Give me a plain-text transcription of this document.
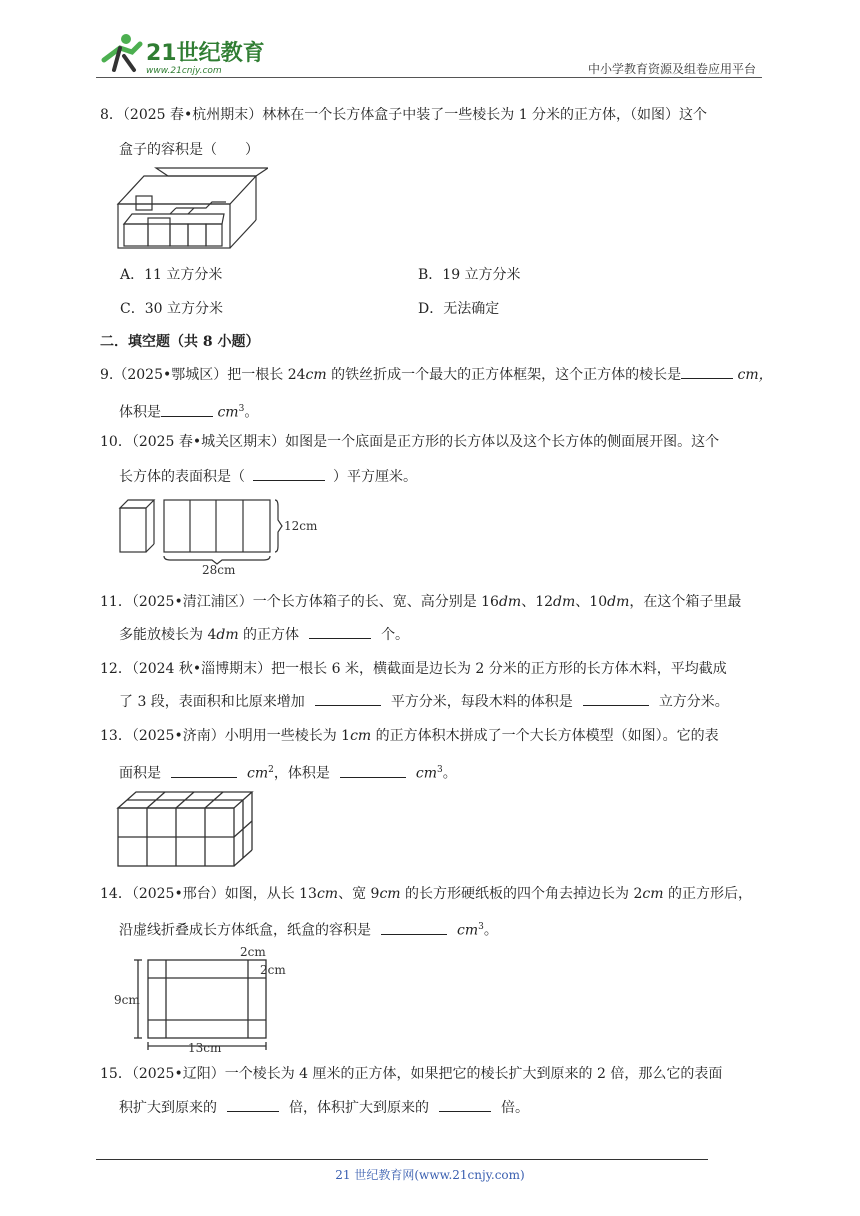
21世纪教育
www.21cnjy.com	中小学教育资源及组卷应用平台
8．（2025 春•杭州期末）林林在一个长方体盒子中装了一些棱长为 1 分米的正方体，（如图）这个
盒子的容积是（　　）
A．11 立方分米	B．19 立方分米
C．30 立方分米	D．无法确定
二．填空题（共 8 小题）
9.（2025•鄂城区）把一根长 24cm 的铁丝折成一个最大的正方体框架，这个正方体的棱长是	cm，
体积是	$cm^3$。
10．（2025 春•城关区期末）如图是一个底面是正方形的长方体以及这个长方体的侧面展开图。这个
长方体的表面积是（	）平方厘米。
12cm
28cm
11．（2025•清江浦区）一个长方体箱子的长、宽、高分别是 16dm、12dm、10dm，在这个箱子里最
多能放棱长为 4dm 的正方体	个。
12．（2024 秋•淄博期末）把一根长 6 米，横截面是边长为 2 分米的正方形的长方体木料，平均截成
了 3 段，表面积和比原来增加	平方分米，每段木料的体积是	立方分米。
13．（2025•济南）小明用一些棱长为 1cm 的正方体积木拼成了一个大长方体模型（如图）。它的表
面积是	$cm^2$，体积是	$cm^3$。
14．（2025•邢台）如图，从长 13cm、宽 9cm 的长方形硬纸板的四个角去掉边长为 2cm 的正方形后，
沿虚线折叠成长方体纸盒，纸盒的容积是	$cm^3$。
2cm
2cm
9cm
13cm
15．（2025•辽阳）一个棱长为 4 厘米的正方体，如果把它的棱长扩大到原来的 2 倍，那么它的表面
积扩大到原来的	倍，体积扩大到原来的	倍。
21 世纪教育网(www.21cnjy.com)
